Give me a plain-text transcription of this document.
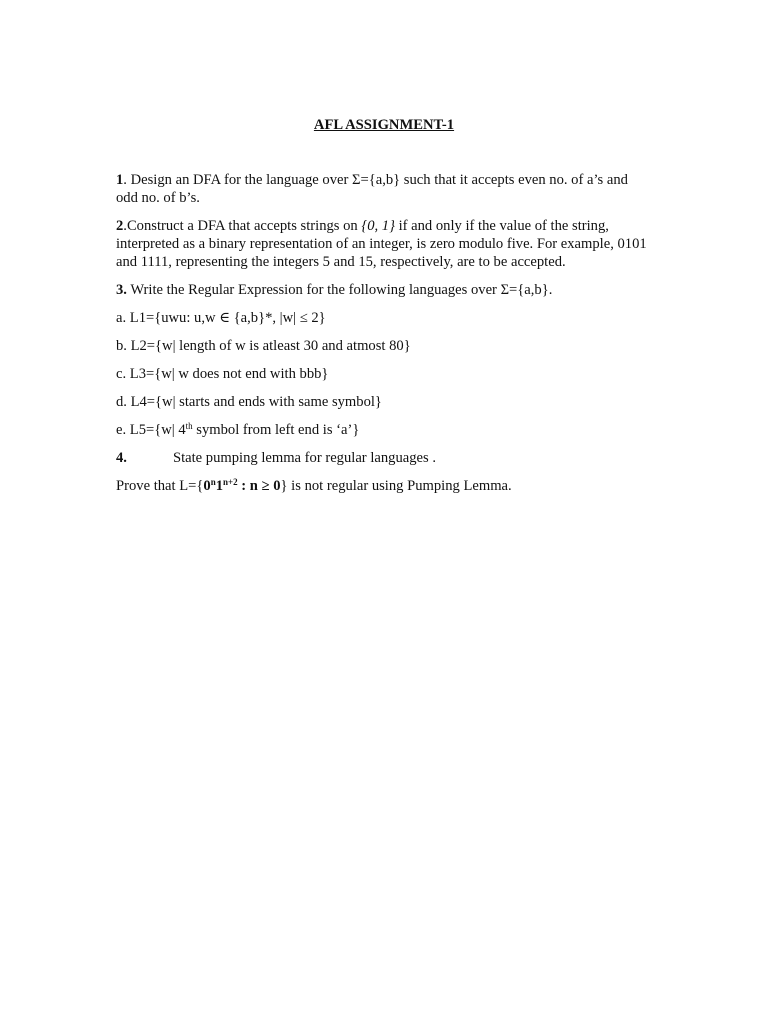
AFL ASSIGNMENT-1

1. Design an DFA for the language over Σ={a,b} such that it accepts even no. of a’s and odd no. of b’s.

2.Construct a DFA that accepts strings on {0, 1} if and only if the value of the string, interpreted as a binary representation of an integer, is zero modulo five. For example, 0101 and 1111, representing the integers 5 and 15, respectively, are to be accepted.

3. Write the Regular Expression for the following languages over Σ={a,b}.

a. L1={uwu: u,w ∈ {a,b}*, |w| ≤ 2}

b. L2={w| length of w is atleast 30 and atmost 80}

c. L3={w| w does not end with bbb}

d. L4={w| starts and ends with same symbol}

e. L5={w| 4th symbol from left end is ‘a’}

4.	State pumping lemma for regular languages .

Prove that $L=\{0^n1^{n+2}$ : n ≥ 0} is not regular using Pumping Lemma.
